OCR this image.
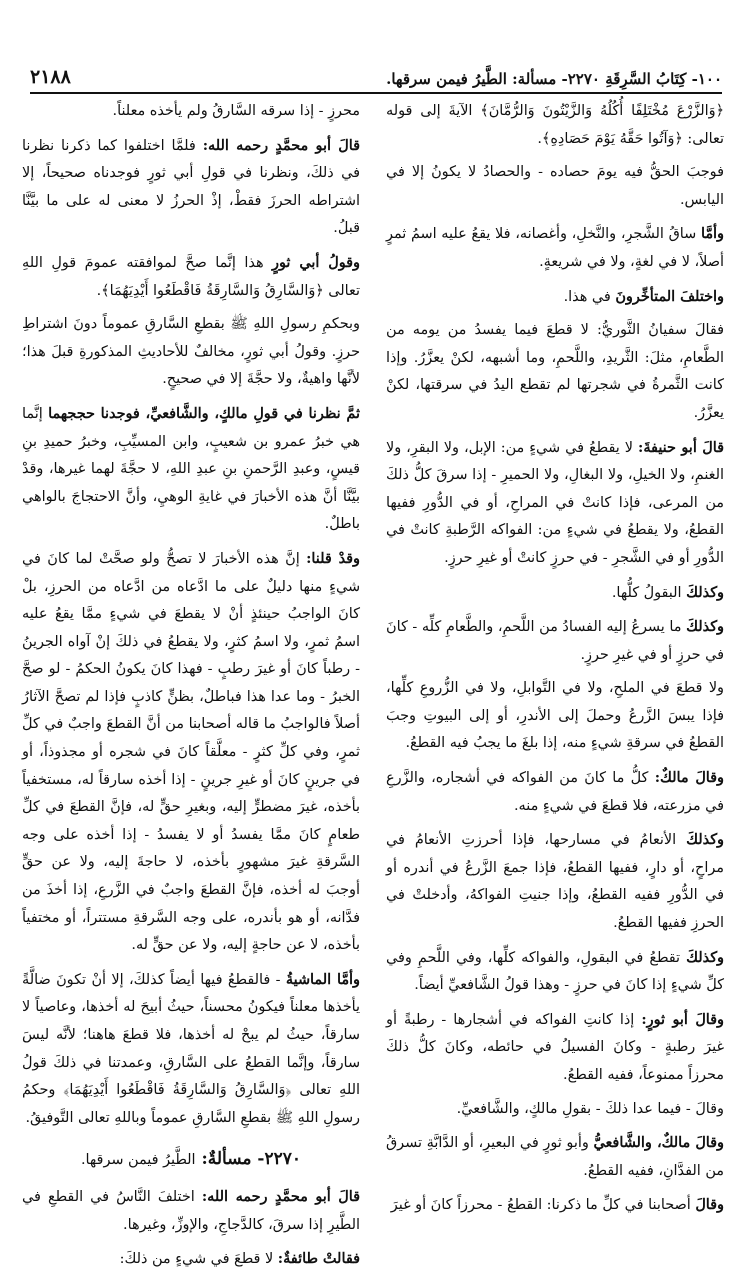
٢١٨٨	١٠٠- كِتَابُ السَّرِقَةِ ٢٢٧٠- مسألة: الطَّيرُ فيمن سرقها.

﴿وَالزَّرْعَ مُخْتَلِفًا أُكُلُهُ وَالزَّيْتُونَ وَالرُّمَّانَ﴾ الآيةَ إلى قوله تعالى: ﴿وَآتُوا حَقَّهُ يَوْمَ حَصَادِهِ﴾.

فوجبَ الحقُّ فيه يومَ حصاده - والحصادُ لا يكونُ إلا في اليابس.

وأمَّا ساقُ الشَّجرِ، والنَّخلِ، وأغصانه، فلا يقعُ عليه اسمُ ثمرٍ أصلاً، لا في لغةٍ، ولا في شريعةٍ.

واختلفَ المتأخِّرونَ في هذا.

فقالَ سفيانُ الثَّوريُّ: لا قطعَ فيما يفسدُ من يومه من الطَّعامِ، مثلَ: الثَّريدِ، واللَّحمِ، وما أشبهه، لكنْ يعزَّرُ. وإذا كانت الثَّمرةُ في شجرتها لم تقطع اليدُ في سرقتها، لكنْ يعزَّرُ.

قالَ أبو حنيفةَ: لا يقطعُ في شيءٍ من: الإبل، ولا البقرِ، ولا الغنمِ، ولا الخيلِ، ولا البغالِ، ولا الحميرِ - إذا سرقَ كلُّ ذلكَ من المرعى، فإذا كانتْ في المراحِ، أو في الدُّورِ ففيها القطعُ، ولا يقطعُ في شيءٍ من: الفواكه الرَّطبةِ كانتْ في الدُّورِ أو في الشَّجرِ - في حرزٍ كانتْ أو غيرِ حرزٍ.

وكذلكَ البقولُ كلُّها.

وكذلكَ ما يسرعُ إليه الفسادُ من اللَّحمِ، والطَّعامِ كلِّه - كانَ في حرزٍ أو في غيرِ حرزٍ.

ولا قطعَ في الملحِ، ولا في التَّوابلِ، ولا في الزُّروعِ كلِّها، فإذا يبسَ الزَّرعُ وحملَ إلى الأندرِ، أو إلى البيوتِ وجبَ القطعُ في سرقةِ شيءٍ منه، إذا بلغَ ما يجبُ فيه القطعُ.

وقالَ مالكٌ: كلُّ ما كانَ من الفواكه في أشجاره، والزَّرعِ في مزرعته، فلا قطعَ في شيءٍ منه.

وكذلكَ الأنعامُ في مسارحها، فإذا أحرزتِ الأنعامُ في مراحٍ، أو دارٍ، ففيها القطعُ، فإذا جمعَ الزَّرعُ في أندره أو في الدُّورِ ففيه القطعُ، وإذا جنيتِ الفواكهُ، وأدخلتْ في الحرزِ ففيها القطعُ.

وكذلكَ تقطعُ في البقولِ، والفواكه كلِّها، وفي اللَّحمِ وفي كلِّ شيءٍ إذا كانَ في حرزٍ - وهذا قولُ الشَّافعيِّ أيضاً.

وقالَ أبو ثورٍ: إذا كانتِ الفواكه في أشجارها - رطبةً أو غيرَ رطبةٍ - وكانَ الفسيلُ في حائطه، وكانَ كلُّ ذلكَ محرزاً ممنوعاً، ففيه القطعُ.

وقالَ - فيما عدا ذلكَ - بقولِ مالكٍ، والشَّافعيِّ.

وقالَ مالكٌ، والشَّافعيُّ وأبو ثورٍ في البعيرِ، أو الدَّابَّةِ تسرقُ من الفدَّانِ، ففيه القطعُ.

وقالَ أصحابنا في كلِّ ما ذكرنا: القطعُ - محرزاً كانَ أو غيرَ

محرزٍ - إذا سرقه السَّارقُ ولم يأخذه معلناً.

قالَ أبو محمَّدٍ رحمه الله: فلمَّا اختلفوا كما ذكرنا نظرنا في ذلكَ، ونظرنا في قولِ أبي ثورٍ فوجدناه صحيحاً، إلا اشتراطه الحرزَ فقطْ، إذْ الحرزُ لا معنى له على ما بيَّنَّا قبلُ.

وقولُ أبي ثورٍ هذا إنَّما صحَّ لموافقته عمومَ قولِ اللهِ تعالى ﴿وَالسَّارِقُ وَالسَّارِقَةُ فَاقْطَعُوا أَيْدِيَهُمَا﴾.

وبحكمِ رسولِ اللهِ ﷺ بقطعِ السَّارقِ عموماً دونَ اشتراطِ حرزٍ. وقولُ أبي ثورٍ، مخالفٌ للأحاديثِ المذكورةِ قبلَ هذا؛ لأنَّها واهيةٌ، ولا حجَّةَ إلا في صحيحٍ.

ثمَّ نظرنا في قولِ مالكٍ، والشَّافعيِّ، فوجدنا حججهما إنَّما هي خبرُ عمرو بن شعيبٍ، وابن المسيِّبِ، وخبرُ حميدِ بنِ قيسٍ، وعبدِ الرَّحمنِ بنِ عبدِ اللهِ، لا حجَّةَ لهما غيرها، وقدْ بيَّنَّا أنَّ هذه الأخبارَ في غايةِ الوهيِ، وأنَّ الاحتجاجَ بالواهي باطلٌ.

وقدْ قلنا: إنَّ هذه الأخبارَ لا تصحُّ ولو صحَّتْ لما كانَ في شيءٍ منها دليلٌ على ما ادَّعاه من ادَّعاه من الحرزِ، بلْ كانَ الواجبُ حينئذٍ أنْ لا يقطعَ في شيءٍ ممَّا يقعُ عليه اسمُ ثمرٍ، ولا اسمُ كثرٍ، ولا يقطعُ في ذلكَ إنْ آواه الجرينُ - رطباً كانَ أو غيرَ رطبٍ - فهذا كانَ يكونُ الحكمُ - لو صحَّ الخبرُ - وما عدا هذا فباطلٌ، بظنٍّ كاذبٍ فإذا لم تصحَّ الآثارُ أصلاً فالواجبُ ما قاله أصحابنا من أنَّ القطعَ واجبٌ في كلِّ ثمرٍ، وفي كلِّ كثرٍ - معلَّقاً كانَ في شجره أو مجذوذاً، أو في جرينٍ كانَ أو غيرِ جرينٍ - إذا أخذه سارقاً له، مستخفياً بأخذه، غيرَ مضطرٍّ إليه، وبغيرِ حقٍّ له، فإنَّ القطعَ في كلِّ طعامٍ كانَ ممَّا يفسدُ أو لا يفسدُ - إذا أخذه على وجه السَّرقةِ غيرَ مشهورٍ بأخذه، لا حاجةَ إليه، ولا عن حقٍّ أوجبَ له أخذه، فإنَّ القطعَ واجبٌ في الزَّرعِ، إذا أخذَ من فدَّانه، أو هو بأندره، على وجه السَّرقةِ مستتراً، أو مختفياً بأخذه، لا عن حاجةٍ إليه، ولا عن حقٍّ له.

وأمَّا الماشيةُ - فالقطعُ فيها أيضاً كذلكَ، إلا أنْ تكونَ ضالَّةً يأخذها معلناً فيكونُ محسناً، حيثُ أبيحَ له أخذها، وعاصياً لا سارقاً، حيثُ لم يبحْ له أخذها، فلا قطعَ هاهنا؛ لأنَّه ليسَ سارقاً، وإنَّما القطعُ على السَّارقِ، وعمدتنا في ذلكَ قولُ اللهِ تعالى ﴿وَالسَّارِقُ وَالسَّارِقَةُ فَاقْطَعُوا أَيْدِيَهُمَا﴾ وحكمُ رسولِ اللهِ ﷺ بقطعِ السَّارقِ عموماً وباللهِ تعالى التَّوفيقُ.

٢٢٧٠- مسألةٌ: الطَّيرُ فيمن سرقها.

قالَ أبو محمَّدٍ رحمه الله: اختلفَ النَّاسُ في القطعِ في الطَّيرِ إذا سرقَ، كالدَّجاجِ، والإوزِّ، وغيرها.

فقالتْ طائفةٌ: لا قطعَ في شيءٍ من ذلكَ:
